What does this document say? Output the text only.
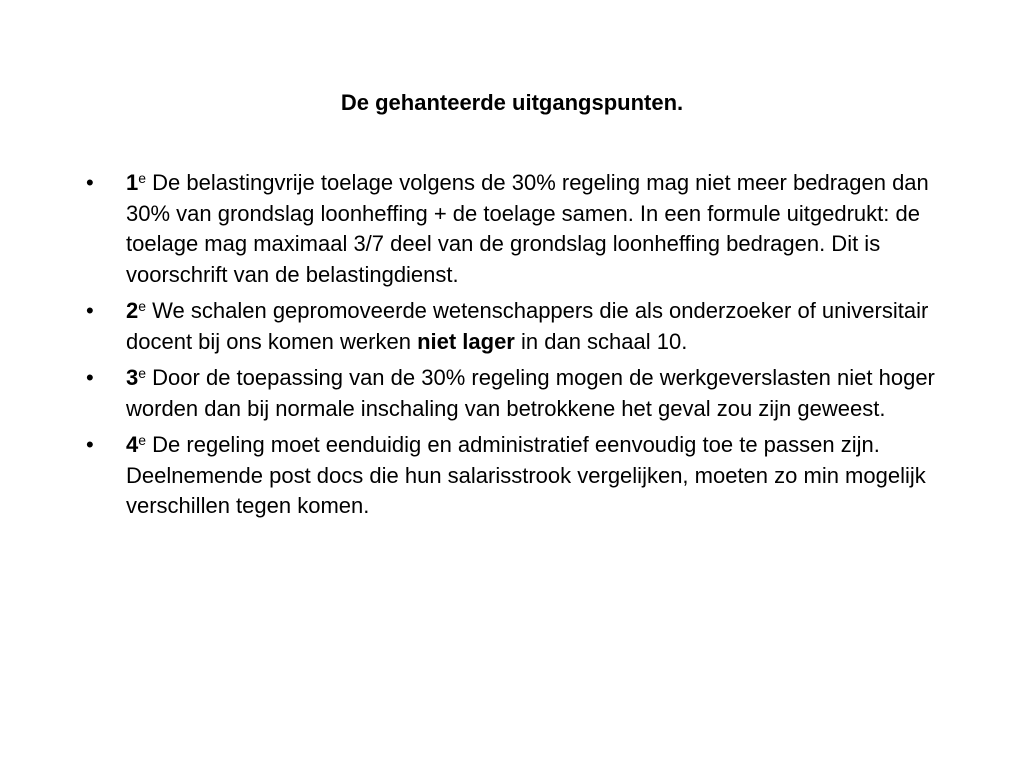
De gehanteerde uitgangspunten.
•	1e De belastingvrije toelage volgens de 30% regeling mag niet meer bedragen dan 30% van grondslag loonheffing + de toelage samen. In een formule uitgedrukt: de toelage mag maximaal 3/7 deel van de grondslag loonheffing bedragen. Dit is voorschrift van de belastingdienst.
•	2e We schalen gepromoveerde wetenschappers die als onderzoeker of universitair docent bij ons komen werken niet lager in dan schaal 10.
•	3e Door de toepassing van de 30% regeling mogen de werkgeverslasten niet hoger worden dan bij normale inschaling van betrokkene het geval zou zijn geweest.
•	4e De regeling moet eenduidig en administratief eenvoudig toe te passen zijn. Deelnemende post docs die hun salarisstrook vergelijken, moeten zo min mogelijk verschillen tegen komen.
